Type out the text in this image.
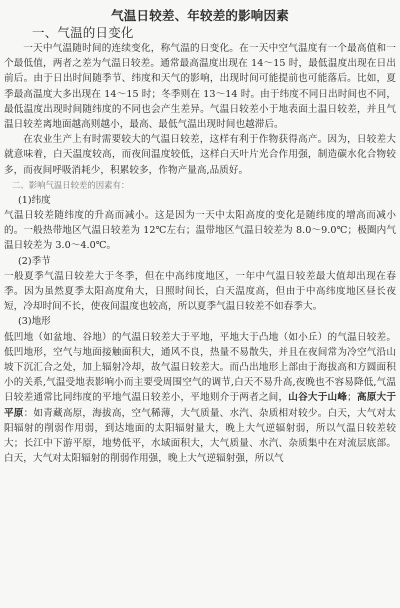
气温日较差、年较差的影响因素
一、气温的日变化

一天中气温随时间的连续变化，称气温的日变化。在一天中空气温度有一个最高值和一个最低值，两者之差为气温日较差。通常最高温度出现在 14～15 时，最低温度出现在日出前后。由于日出时间随季节、纬度和天气的影响，出现时间可能提前也可能落后。比如，夏季最高温度大多出现在 14～15 时；冬季则在 13～14 时。由于纬度不同日出时间也不同，最低温度出现时间随纬度的不同也会产生差异。气温日较差小于地表面土温日较差，并且气温日较差离地面越高则越小，最高、最低气温出现时间也越滞后。

在农业生产上有时需要较大的气温日较差，这样有利于作物获得高产。因为，日较差大就意味着，白天温度较高，而夜间温度较低，这样白天叶片光合作用强，制造碳水化合物较多，而夜间呼吸消耗少，积累较多，作物产量高,品质好。

二、影响气温日较差的因素有：
(1)纬度

气温日较差随纬度的升高而减小。这是因为一天中太阳高度的变化是随纬度的增高而减小的。一般热带地区气温日较差为 12℃左右；温带地区气温日较差为 8.0～9.0℃；极圈内气温日较差为 3.0～4.0℃。

(2)季节

一般夏季气温日较差大于冬季，但在中高纬度地区，一年中气温日较差最大值却出现在春季。因为虽然夏季太阳高度角大，日照时间长，白天温度高，但由于中高纬度地区昼长夜短，冷却时间不长，使夜间温度也较高，所以夏季气温日较差不如春季大。

(3)地形

低凹地（如盆地、谷地）的气温日较差大于平地，平地大于凸地（如小丘）的气温日较差。低凹地形，空气与地面接触面积大，通风不良，热量不易散失，并且在夜间常为冷空气沿山坡下沉汇合之处，加上辐射冷却，故气温日较差大。而凸出地形上部由于海拔高和方圆面积小的关系,气温受地表影响小而主要受周围空气的调节,白天不易升高,夜晚也不容易降低,气温日较差通常比同纬度的平地气温日较差小，平地则介于两者之间，山谷大于山峰；高原大于平原：如青藏高原，海拔高，空气稀薄，大气质量、水汽、杂质相对较少。白天，大气对太阳辐射的削弱作用弱，到达地面的太阳辐射量大，晚上大气逆辐射弱，所以气温日较差较大；长江中下游平原，地势低平，水域面积大，大气质量、水汽、杂质集中在对流层底部。白天，大气对太阳辐射的削弱作用强，晚上大气逆辐射强，所以气
